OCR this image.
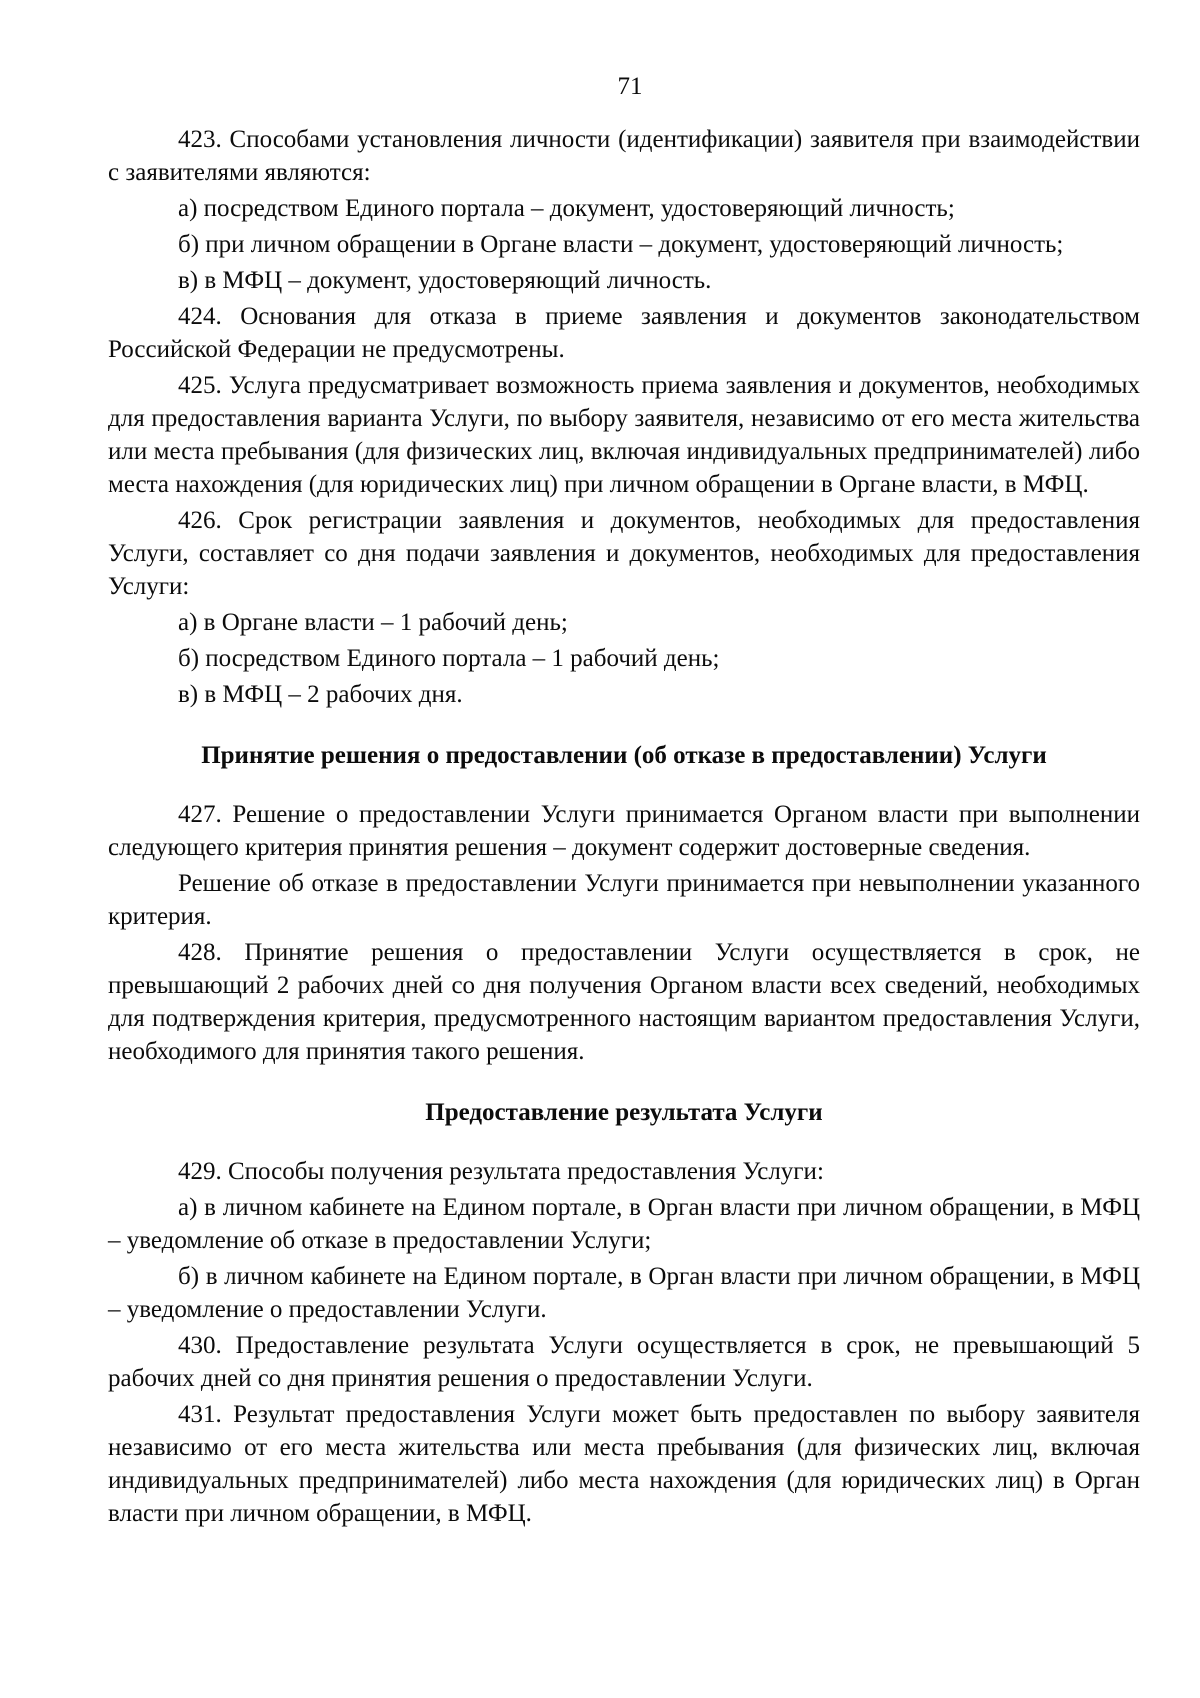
71

423. Способами установления личности (идентификации) заявителя при взаимодействии с заявителями являются:

а) посредством Единого портала – документ, удостоверяющий личность;

б) при личном обращении в Органе власти – документ, удостоверяющий личность;

в) в МФЦ – документ, удостоверяющий личность.

424. Основания для отказа в приеме заявления и документов законодательством Российской Федерации не предусмотрены.

425. Услуга предусматривает возможность приема заявления и документов, необходимых для предоставления варианта Услуги, по выбору заявителя, независимо от его места жительства или места пребывания (для физических лиц, включая индивидуальных предпринимателей) либо места нахождения (для юридических лиц) при личном обращении в Органе власти, в МФЦ.

426. Срок регистрации заявления и документов, необходимых для предоставления Услуги, составляет со дня подачи заявления и документов, необходимых для предоставления Услуги:

а) в Органе власти – 1 рабочий день;

б) посредством Единого портала – 1 рабочий день;

в) в МФЦ – 2 рабочих дня.

Принятие решения о предоставлении (об отказе в предоставлении) Услуги

427. Решение о предоставлении Услуги принимается Органом власти при выполнении следующего критерия принятия решения – документ содержит достоверные сведения.

Решение об отказе в предоставлении Услуги принимается при невыполнении указанного критерия.

428. Принятие решения о предоставлении Услуги осуществляется в срок, не превышающий 2 рабочих дней со дня получения Органом власти всех сведений, необходимых для подтверждения критерия, предусмотренного настоящим вариантом предоставления Услуги, необходимого для принятия такого решения.

Предоставление результата Услуги

429. Способы получения результата предоставления Услуги:

а) в личном кабинете на Едином портале, в Орган власти при личном обращении, в МФЦ – уведомление об отказе в предоставлении Услуги;

б) в личном кабинете на Едином портале, в Орган власти при личном обращении, в МФЦ – уведомление о предоставлении Услуги.

430. Предоставление результата Услуги осуществляется в срок, не превышающий 5 рабочих дней со дня принятия решения о предоставлении Услуги.

431. Результат предоставления Услуги может быть предоставлен по выбору заявителя независимо от его места жительства или места пребывания (для физических лиц, включая индивидуальных предпринимателей) либо места нахождения (для юридических лиц) в Орган власти при личном обращении, в МФЦ.
